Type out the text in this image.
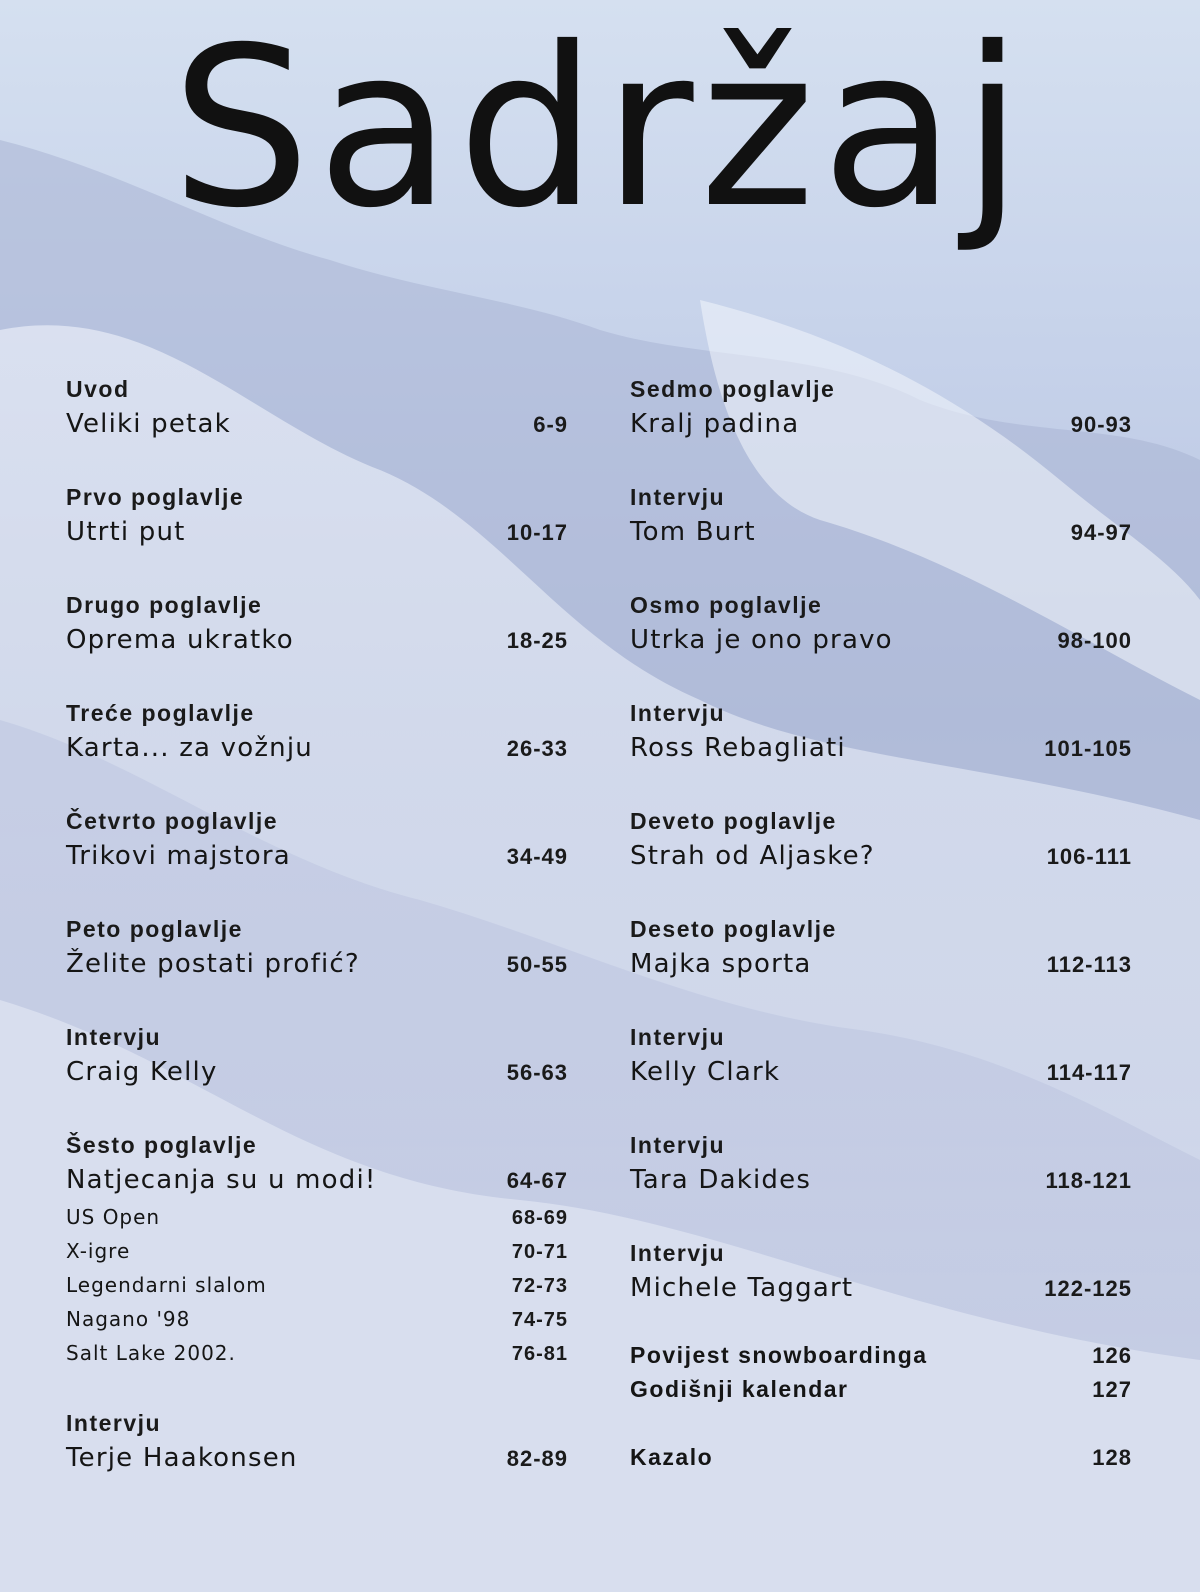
Sadržaj
Uvod
Veliki petak	6-9
Prvo poglavlje
Utrti put	10-17
Drugo poglavlje
Oprema ukratko	18-25
Treće poglavlje
Karta... za vožnju	26-33
Četvrto poglavlje
Trikovi majstora	34-49
Peto poglavlje
Želite postati profić?	50-55
Intervju
Craig Kelly	56-63
Šesto poglavlje
Natjecanja su u modi!	64-67
US Open	68-69
X-igre	70-71
Legendarni slalom	72-73
Nagano '98	74-75
Salt Lake 2002.	76-81
Intervju
Terje Haakonsen	82-89
Sedmo poglavlje
Kralj padina	90-93
Intervju
Tom Burt	94-97
Osmo poglavlje
Utrka je ono pravo	98-100
Intervju
Ross Rebagliati	101-105
Deveto poglavlje
Strah od Aljaske?	106-111
Deseto poglavlje
Majka sporta	112-113
Intervju
Kelly Clark	114-117
Intervju
Tara Dakides	118-121
Intervju
Michele Taggart	122-125
Povijest snowboardinga	126
Godišnji kalendar	127
Kazalo	128
